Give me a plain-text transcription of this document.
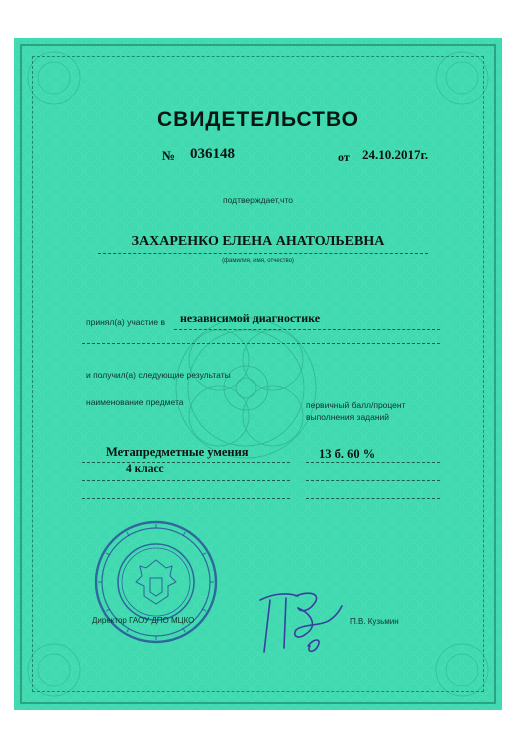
СВИДЕТЕЛЬСТВО
№ 036148	от 24.10.2017г.
подтверждает,что
ЗАХАРЕНКО ЕЛЕНА АНАТОЛЬЕВНА
(фамилия, имя, отчество)
принял(а) участие в независимой диагностике
и получил(а) следующие результаты
наименование предмета	первичный балл/процент
выполнения заданий
Метапредметные умения	13 б. 60 %
4 класс
Директор ГАОУ ДПО МЦКО	П.В. Кузьмин
